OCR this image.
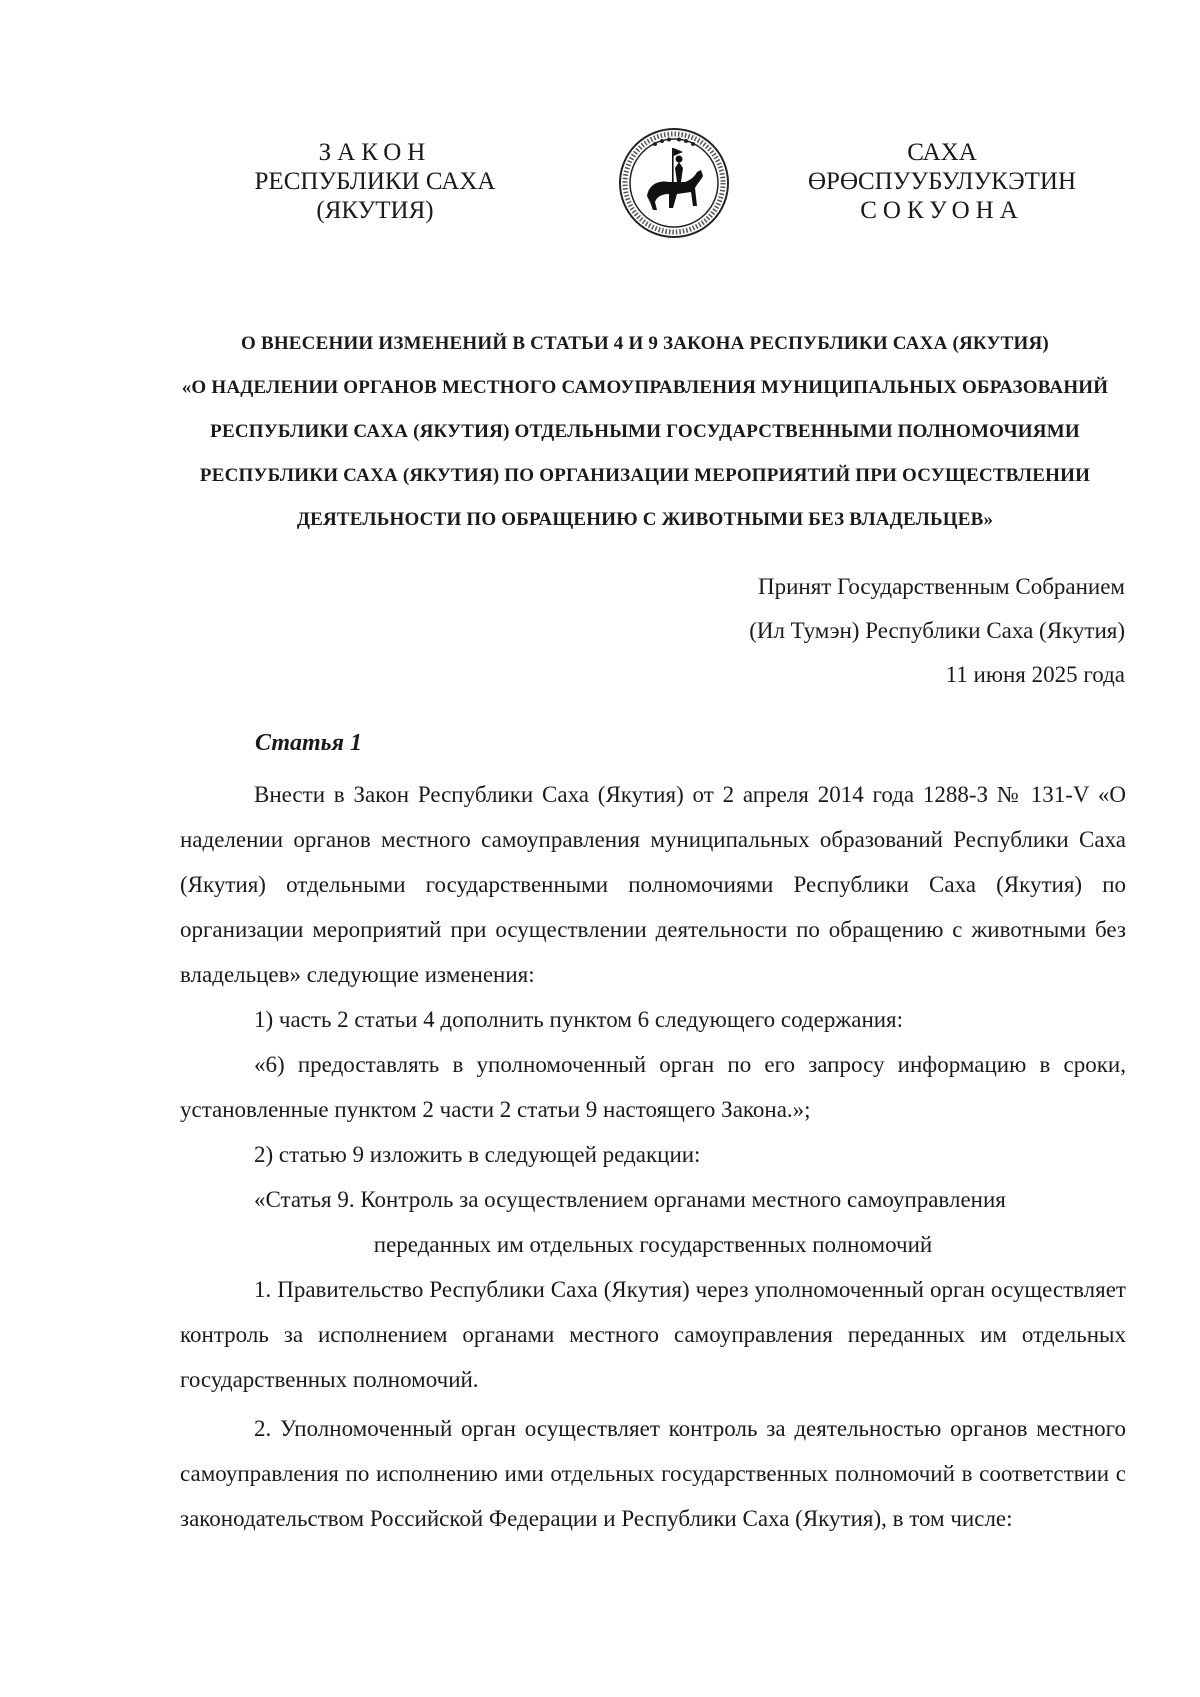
ЗАКОН
РЕСПУБЛИКИ САХА (ЯКУТИЯ)
САХА ӨРӨСПУУБУЛУКЭТИН
СОКУОНА
О ВНЕСЕНИИ ИЗМЕНЕНИЙ В СТАТЬИ 4 И 9 ЗАКОНА РЕСПУБЛИКИ САХА (ЯКУТИЯ)
«О НАДЕЛЕНИИ ОРГАНОВ МЕСТНОГО САМОУПРАВЛЕНИЯ МУНИЦИПАЛЬНЫХ ОБРАЗОВАНИЙ
РЕСПУБЛИКИ САХА (ЯКУТИЯ) ОТДЕЛЬНЫМИ ГОСУДАРСТВЕННЫМИ ПОЛНОМОЧИЯМИ
РЕСПУБЛИКИ САХА (ЯКУТИЯ) ПО ОРГАНИЗАЦИИ МЕРОПРИЯТИЙ ПРИ ОСУЩЕСТВЛЕНИИ
ДЕЯТЕЛЬНОСТИ ПО ОБРАЩЕНИЮ С ЖИВОТНЫМИ БЕЗ ВЛАДЕЛЬЦЕВ»
Принят Государственным Собранием
(Ил Тумэн) Республики Саха (Якутия)
11 июня 2025 года
Статья 1

Внести в Закон Республики Саха (Якутия) от 2 апреля 2014 года 1288-З № 131-V «О наделении органов местного самоуправления муниципальных образований Республики Саха (Якутия) отдельными государственными полномочиями Республики Саха (Якутия) по организации мероприятий при осуществлении деятельности по обращению с животными без владельцев» следующие изменения:

1) часть 2 статьи 4 дополнить пунктом 6 следующего содержания:

«6) предоставлять в уполномоченный орган по его запросу информацию в сроки, установленные пунктом 2 части 2 статьи 9 настоящего Закона.»;

2) статью 9 изложить в следующей редакции:

«Статья 9. Контроль за осуществлением органами местного самоуправления

переданных им отдельных государственных полномочий

1. Правительство Республики Саха (Якутия) через уполномоченный орган осуществляет контроль за исполнением органами местного самоуправления переданных им отдельных государственных полномочий.

2. Уполномоченный орган осуществляет контроль за деятельностью органов местного самоуправления по исполнению ими отдельных государственных полномочий в соответствии с законодательством Российской Федерации и Республики Саха (Якутия), в том числе:
